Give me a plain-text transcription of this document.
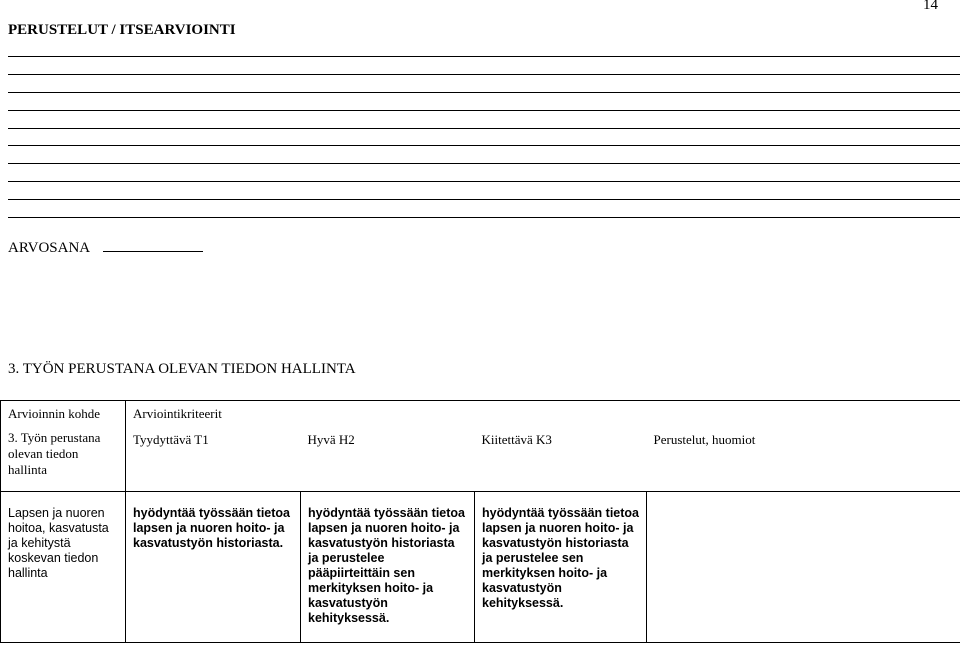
14
PERUSTELUT / ITSEARVIOINTI
ARVOSANA
3. TYÖN PERUSTANA OLEVAN TIEDON HALLINTA
Arvioinnin kohde	Arviointikriteerit			

3. Työn perustana olevan tiedon hallinta	Tyydyttävä T1	Hyvä H2	Kiitettävä K3	Perustelut, huomiot

Lapsen ja nuoren hoitoa, kasvatusta ja kehitystä koskevan tiedon hallinta	hyödyntää työssään tietoa lapsen ja nuoren hoito- ja kasvatustyön historiasta.	hyödyntää työssään tietoa lapsen ja nuoren hoito- ja kasvatustyön historiasta ja perustelee pääpiirteittäin sen merkityksen hoito- ja kasvatustyön kehityksessä.	hyödyntää työssään tietoa lapsen ja nuoren hoito- ja kasvatustyön historiasta ja perustelee sen merkityksen hoito- ja kasvatustyön kehityksessä.	
